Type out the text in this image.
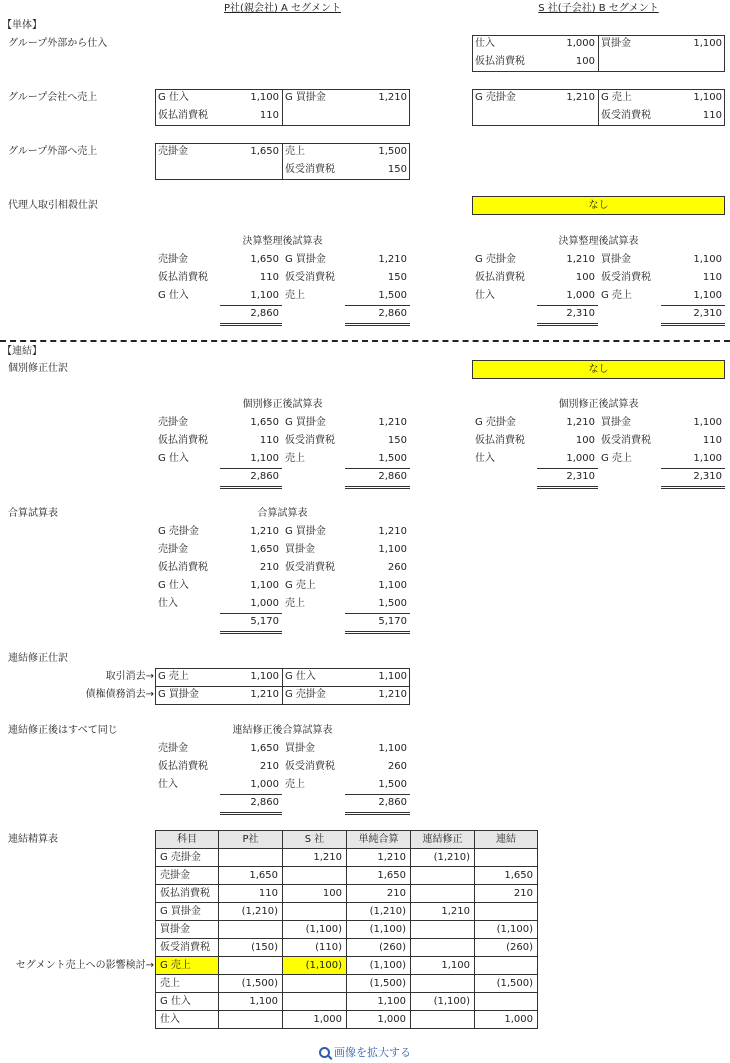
P社(親会社) A セグメント	S 社(子会社) B セグメント
【単体】
グループ外部から仕入
グループ会社へ売上
グループ外部へ売上
代理人取引相殺仕訳	なし
【連結】
個別修正仕訳	なし
合算試算表
連結修正仕訳
取引消去→
債権債務消去→
連結修正後はすべて同じ
連結精算表
セグメント売上への影響検討→
科目	P社	S 社	単純合算	連結修正	連結
G 売掛金		1,210	1,210	(1,210)	
売掛金	1,650		1,650		1,650
仮払消費税	110	100	210		210
G 買掛金	(1,210)		(1,210)	1,210	
買掛金		(1,100)	(1,100)		(1,100)
仮受消費税	(150)	(110)	(260)		(260)
G 売上		(1,100)	(1,100)	1,100	
売上	(1,500)		(1,500)		(1,500)
G 仕入	1,100		1,100	(1,100)	
仕入		1,000	1,000		1,000
画像を拡大する
仕入	1,000 買掛金	1,100
仮払消費税	100
G 仕入	1,100 G 買掛金	1,210
仮払消費税	110
G 売掛金	1,210 G 売上	1,100
仮受消費税	110
売掛金	1,650 売上	1,500
仮受消費税	150
G 売上	1,100 G 仕入	1,100
G 買掛金	1,210 G 売掛金	1,210
決算整理後試算表
売掛金	1,650 G 買掛金	1,210
仮払消費税	110 仮受消費税	150
G 仕入	1,100 売上	1,500
2,860	2,860
決算整理後試算表
G 売掛金	1,210 買掛金	1,100
仮払消費税	100 仮受消費税	110
仕入	1,000 G 売上	1,100
2,310	2,310
個別修正後試算表
売掛金	1,650 G 買掛金	1,210
仮払消費税	110 仮受消費税	150
G 仕入	1,100 売上	1,500
2,860	2,860
個別修正後試算表
G 売掛金	1,210 買掛金	1,100
仮払消費税	100 仮受消費税	110
仕入	1,000 G 売上	1,100
2,310	2,310
合算試算表
G 売掛金	1,210 G 買掛金	1,210
売掛金	1,650 買掛金	1,100
仮払消費税	210 仮受消費税	260
G 仕入	1,100 G 売上	1,100
仕入	1,000 売上	1,500
5,170	5,170
連結修正後合算試算表
売掛金	1,650 買掛金	1,100
仮払消費税	210 仮受消費税	260
仕入	1,000 売上	1,500
2,860	2,860
